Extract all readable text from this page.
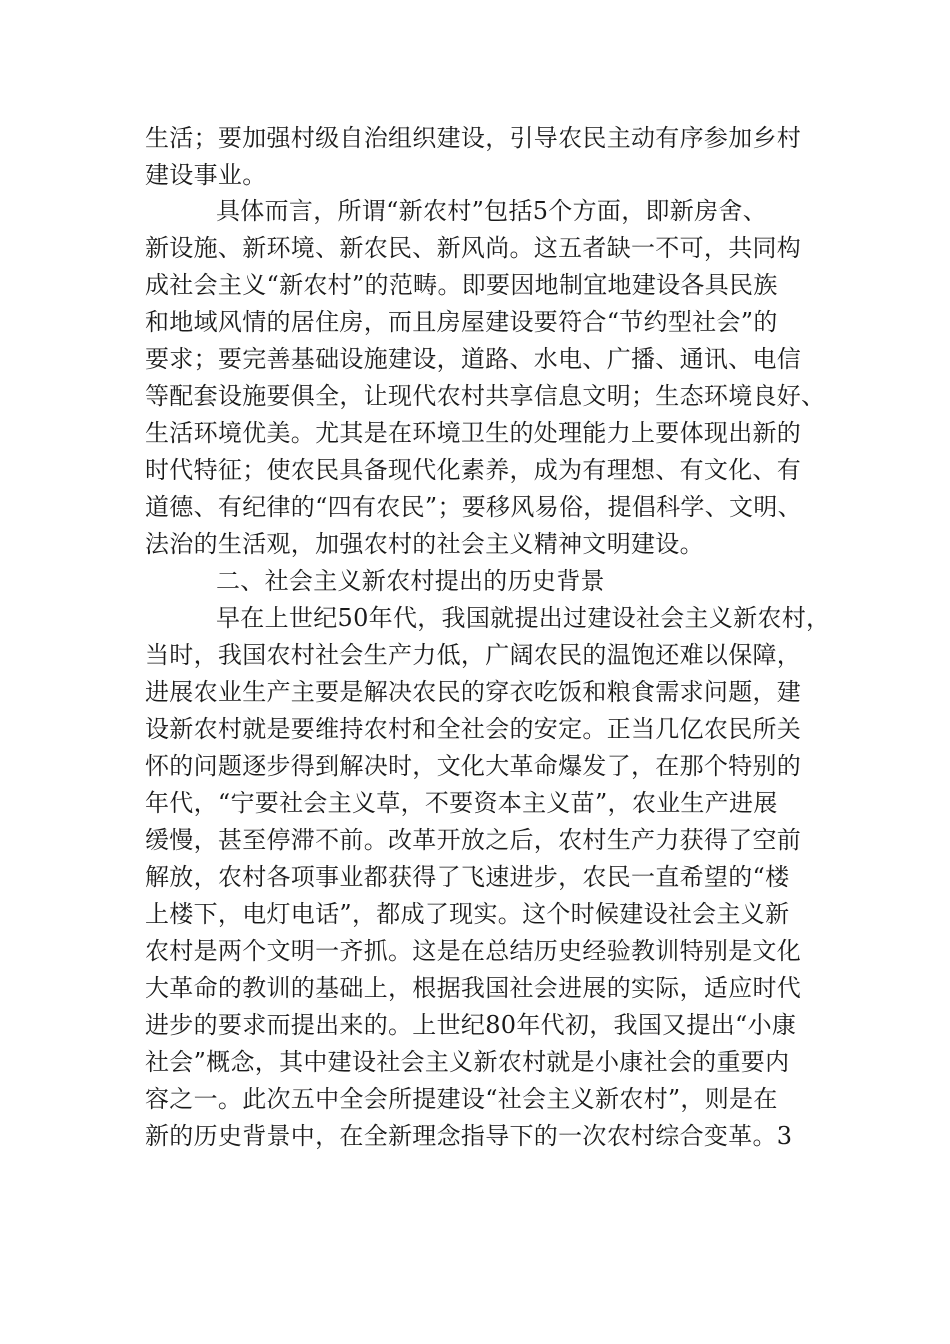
生活；要加强村级自治组织建设，引导农民主动有序参加乡村
建设事业。
具体而言，所谓“新农村”包括5个方面，即新房舍、
新设施、新环境、新农民、新风尚。这五者缺一不可，共同构
成社会主义“新农村”的范畴。即要因地制宜地建设各具民族
和地域风情的居住房，而且房屋建设要符合“节约型社会”的
要求；要完善基础设施建设，道路、水电、广播、通讯、电信
等配套设施要俱全，让现代农村共享信息文明；生态环境良好、
生活环境优美。尤其是在环境卫生的处理能力上要体现出新的
时代特征；使农民具备现代化素养，成为有理想、有文化、有
道德、有纪律的“四有农民”；要移风易俗，提倡科学、文明、
法治的生活观，加强农村的社会主义精神文明建设。
二、社会主义新农村提出的历史背景
早在上世纪50年代，我国就提出过建设社会主义新农村，
当时，我国农村社会生产力低，广阔农民的温饱还难以保障，
进展农业生产主要是解决农民的穿衣吃饭和粮食需求问题，建
设新农村就是要维持农村和全社会的安定。正当几亿农民所关
怀的问题逐步得到解决时，文化大革命爆发了，在那个特别的
年代，“宁要社会主义草，不要资本主义苗”，农业生产进展
缓慢，甚至停滞不前。改革开放之后，农村生产力获得了空前
解放，农村各项事业都获得了飞速进步，农民一直希望的“楼
上楼下，电灯电话”，都成了现实。这个时候建设社会主义新
农村是两个文明一齐抓。这是在总结历史经验教训特别是文化
大革命的教训的基础上，根据我国社会进展的实际，适应时代
进步的要求而提出来的。上世纪80年代初，我国又提出“小康
社会”概念，其中建设社会主义新农村就是小康社会的重要内
容之一。此次五中全会所提建设“社会主义新农村”，则是在
新的历史背景中，在全新理念指导下的一次农村综合变革。3
